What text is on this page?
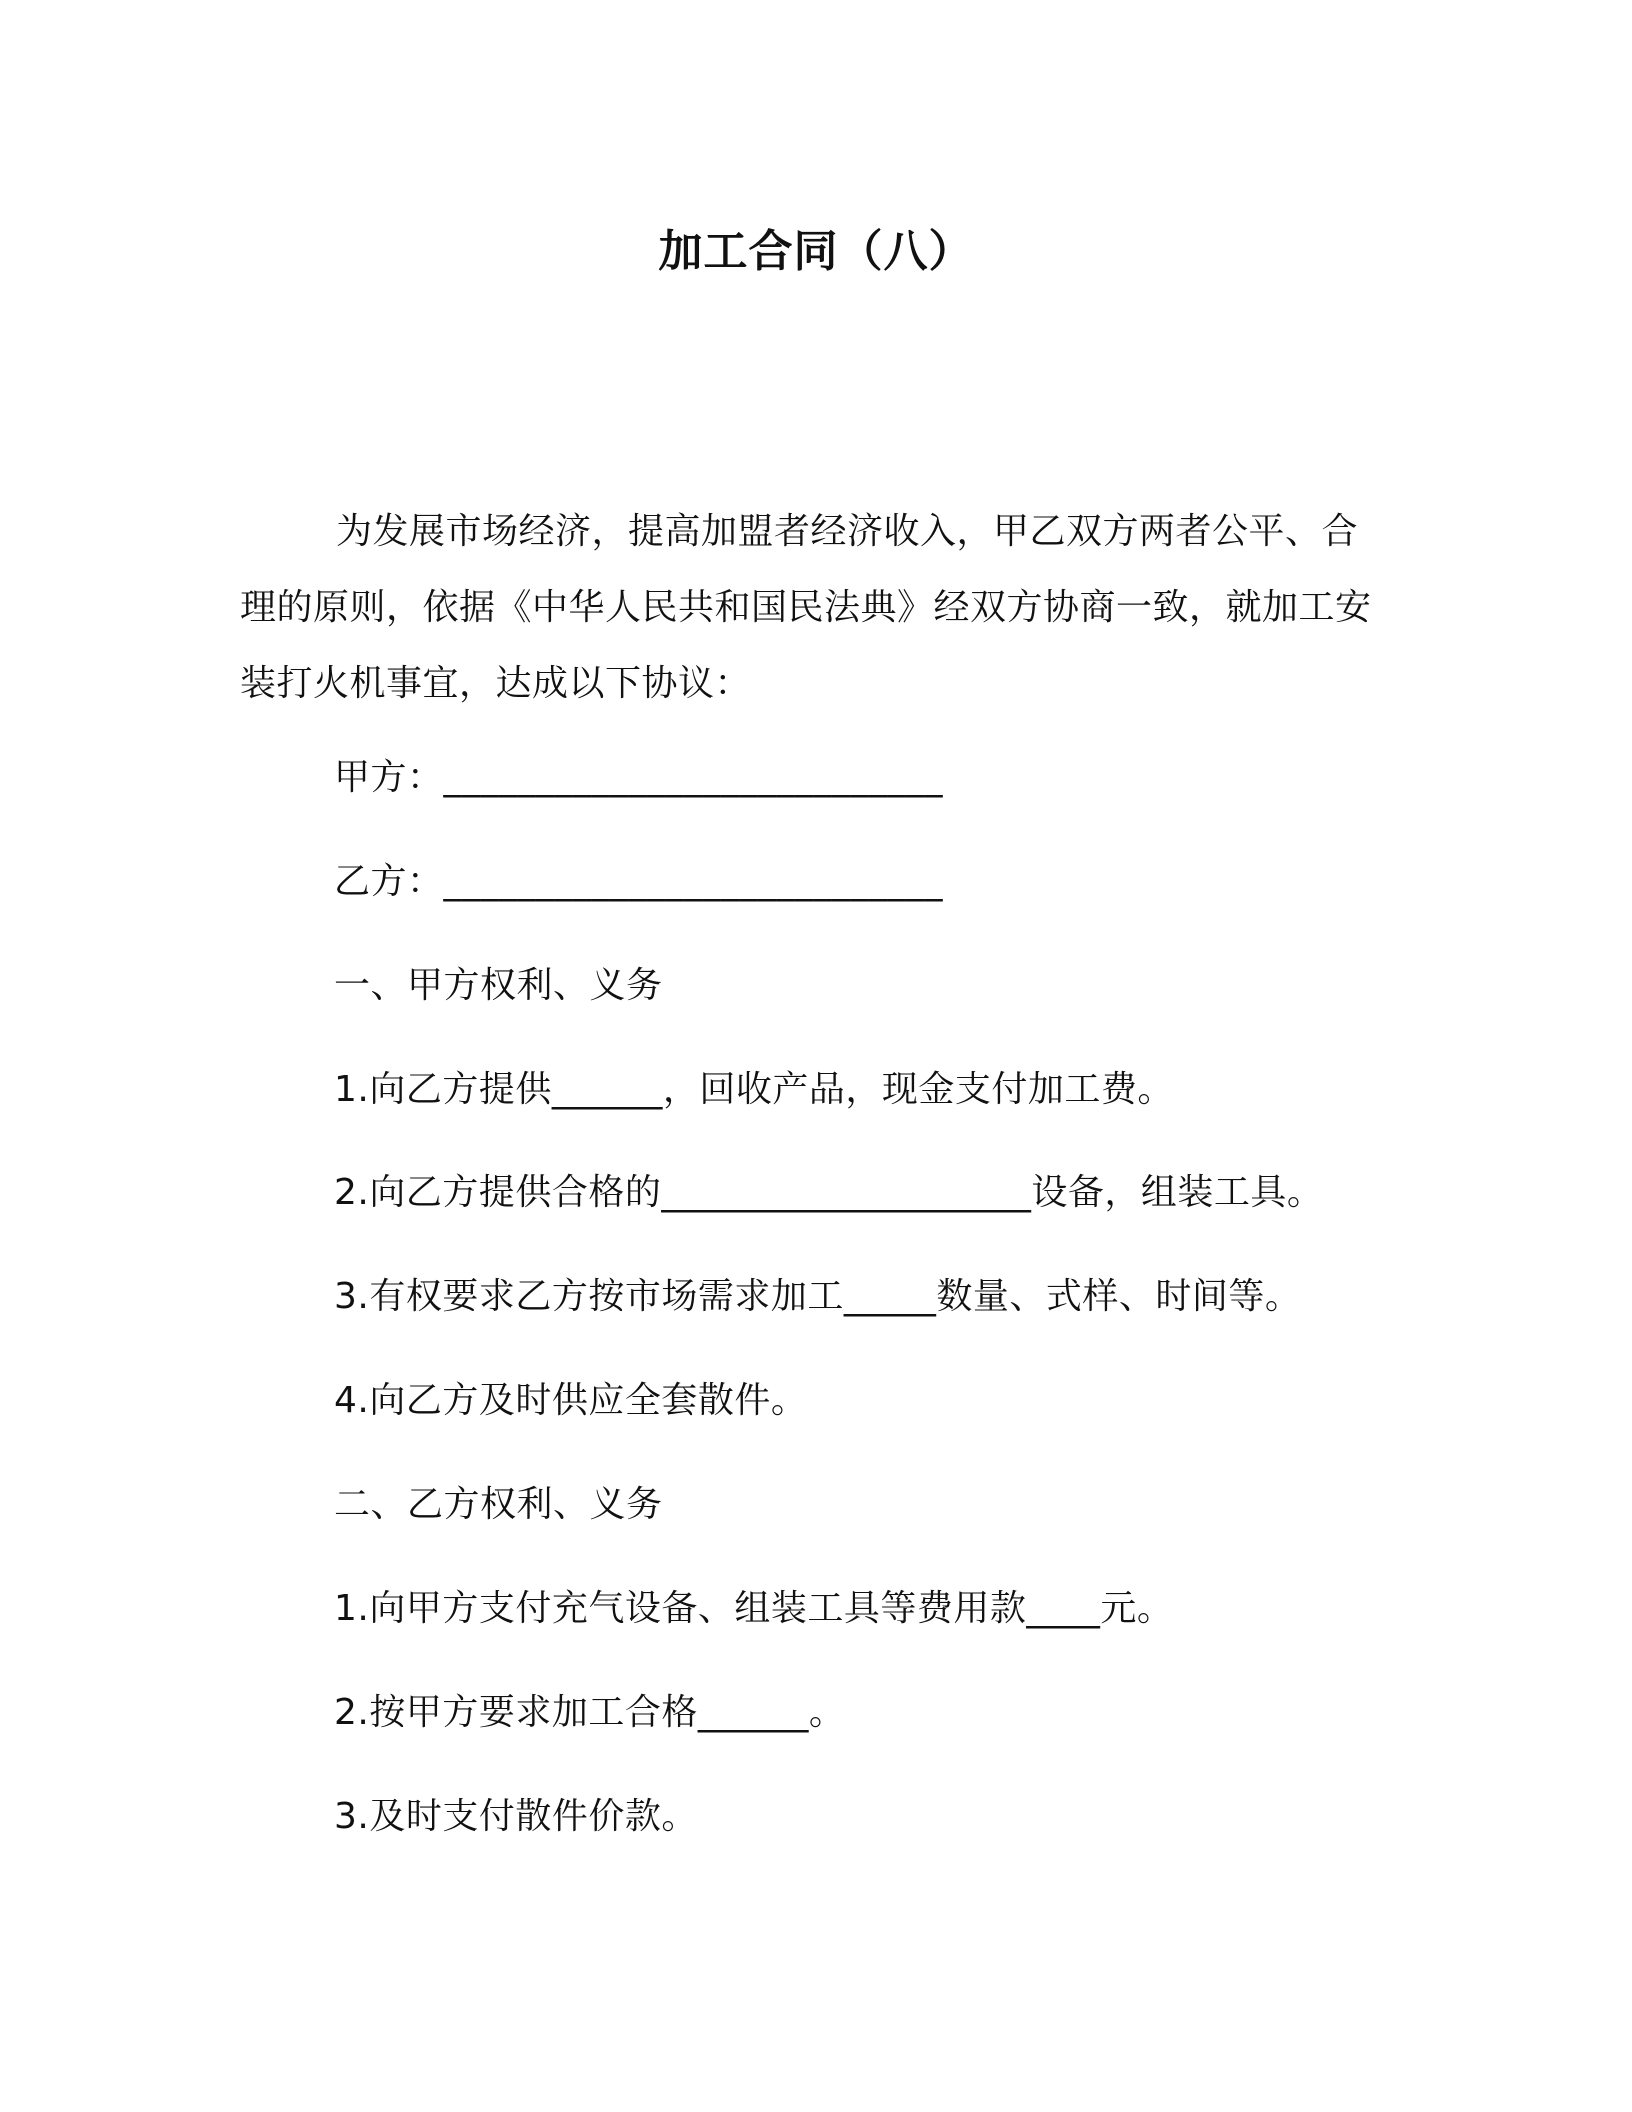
加工合同（八）
为发展市场经济，提高加盟者经济收入，甲乙双方两者公平、合理的原则，依据《中华人民共和国民法典》经双方协商一致，就加工安装打火机事宜，达成以下协议：
甲方：___________________________
乙方：___________________________
一、甲方权利、义务
1.向乙方提供______，回收产品，现金支付加工费。
2.向乙方提供合格的____________________设备，组装工具。
3.有权要求乙方按市场需求加工_____数量、式样、时间等。
4.向乙方及时供应全套散件。
二、乙方权利、义务
1.向甲方支付充气设备、组装工具等费用款____元。
2.按甲方要求加工合格______。
3.及时支付散件价款。
